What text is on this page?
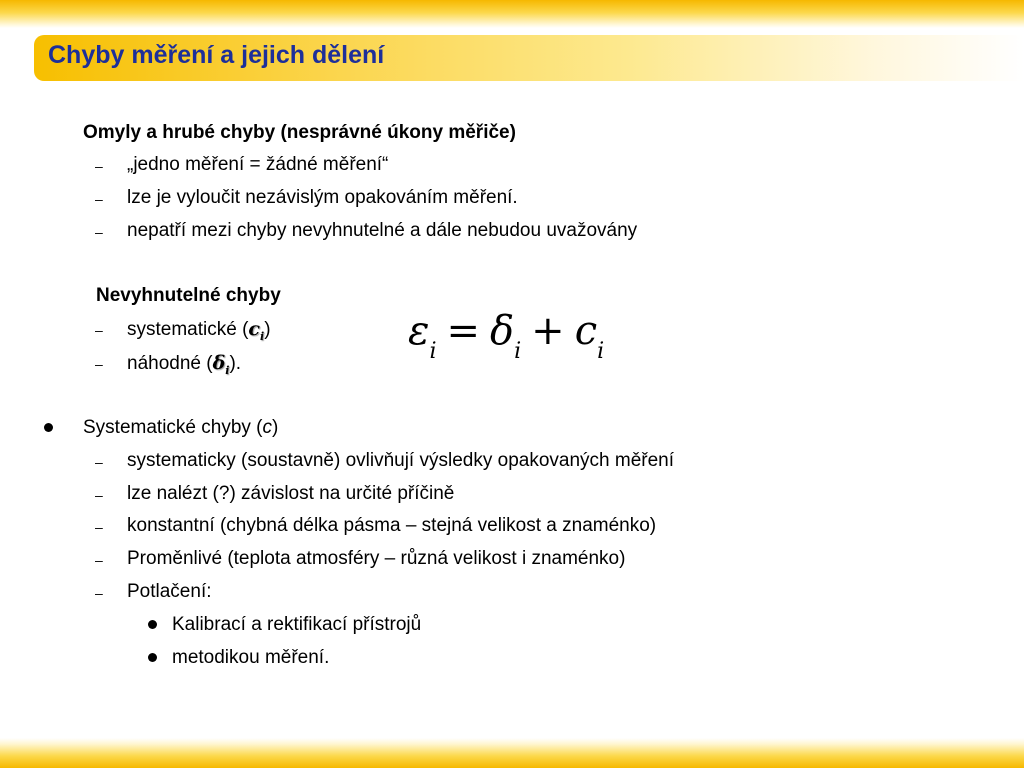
Chyby měření a jejich dělení
Omyly a hrubé chyby (nesprávné úkony měřiče)
– „jedno měření = žádné měření“
– lze je vyloučit nezávislým opakováním měření.
– nepatří mezi chyby nevyhnutelné a dále nebudou uvažovány
Nevyhnutelné chyby
– systematické $(c_i)$
– náhodné $(\delta_i)$.
$\varepsilon_i = \delta_i + c_i$
Systematické chyby (c)
– systematicky (soustavně) ovlivňují výsledky opakovaných měření
– lze nalézt (?) závislost na určité příčině
– konstantní (chybná délka pásma – stejná velikost a znaménko)
– Proměnlivé (teplota atmosféry – různá velikost i znaménko)
– Potlačení:
Kalibrací a rektifikací přístrojů
metodikou měření.
